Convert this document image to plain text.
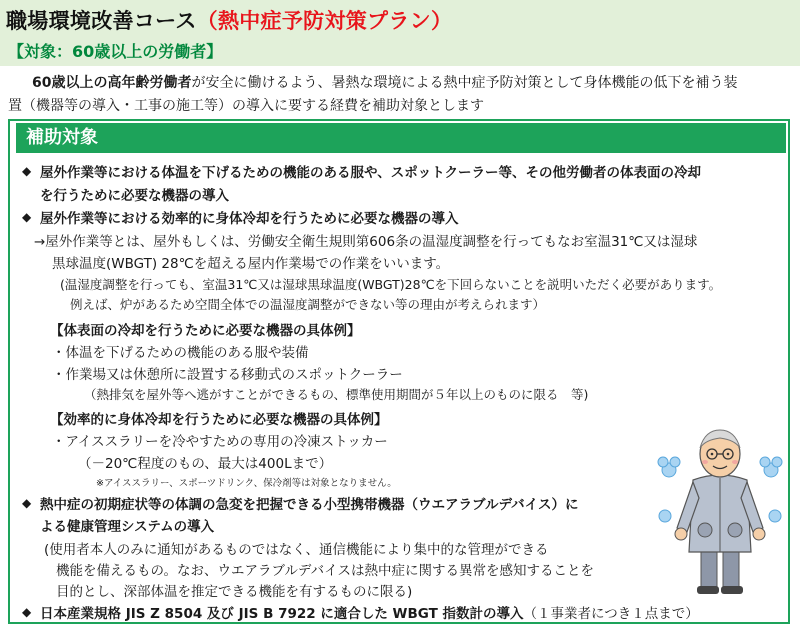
職場環境改善コース（熱中症予防対策プラン）
【対象：60歳以上の労働者】
60歳以上の高年齢労働者が安全に働けるよう、暑熱な環境による熱中症予防対策として身体機能の低下を補う装
置（機器等の導入・工事の施工等）の導入に要する経費を補助対象とします
補助対象
◆ 屋外作業等における体温を下げるための機能のある服や、スポットクーラー等、その他労働者の体表面の冷却
を行うために必要な機器の導入
◆ 屋外作業等における効率的に身体冷却を行うために必要な機器の導入
→屋外作業等とは、屋外もしくは、労働安全衛生規則第606条の温湿度調整を行ってもなお室温31℃又は湿球
黒球温度(WBGT) 28℃を超える屋内作業場での作業をいいます。
(温湿度調整を行っても、室温31℃又は湿球黒球温度(WBGT)28℃を下回らないことを説明いただく必要があります。
例えば、炉があるため空間全体での温湿度調整ができない等の理由が考えられます）
【体表面の冷却を行うために必要な機器の具体例】
・体温を下げるための機能のある服や装備
・作業場又は休憩所に設置する移動式のスポットクーラー
（熱排気を屋外等へ逃がすことができるもの、標準使用期間が５年以上のものに限る　等)
【効率的に身体冷却を行うために必要な機器の具体例】
・アイススラリーを冷やすための専用の冷凍ストッカー
（－20℃程度のもの、最大は400Lまで）
※アイススラリー、スポーツドリンク、保冷剤等は対象となりません。
◆ 熱中症の初期症状等の体調の急変を把握できる小型携帯機器（ウエアラブルデバイス）に
よる健康管理システムの導入
(使用者本人のみに通知があるものではなく、通信機能により集中的な管理ができる
機能を備えるもの。なお、ウエアラブルデバイスは熱中症に関する異常を感知することを
目的とし、深部体温を推定できる機能を有するものに限る)
◆ 日本産業規格 JIS Z 8504 及び JIS B 7922 に適合した WBGT 指数計の導入（１事業者につき１点まで）
